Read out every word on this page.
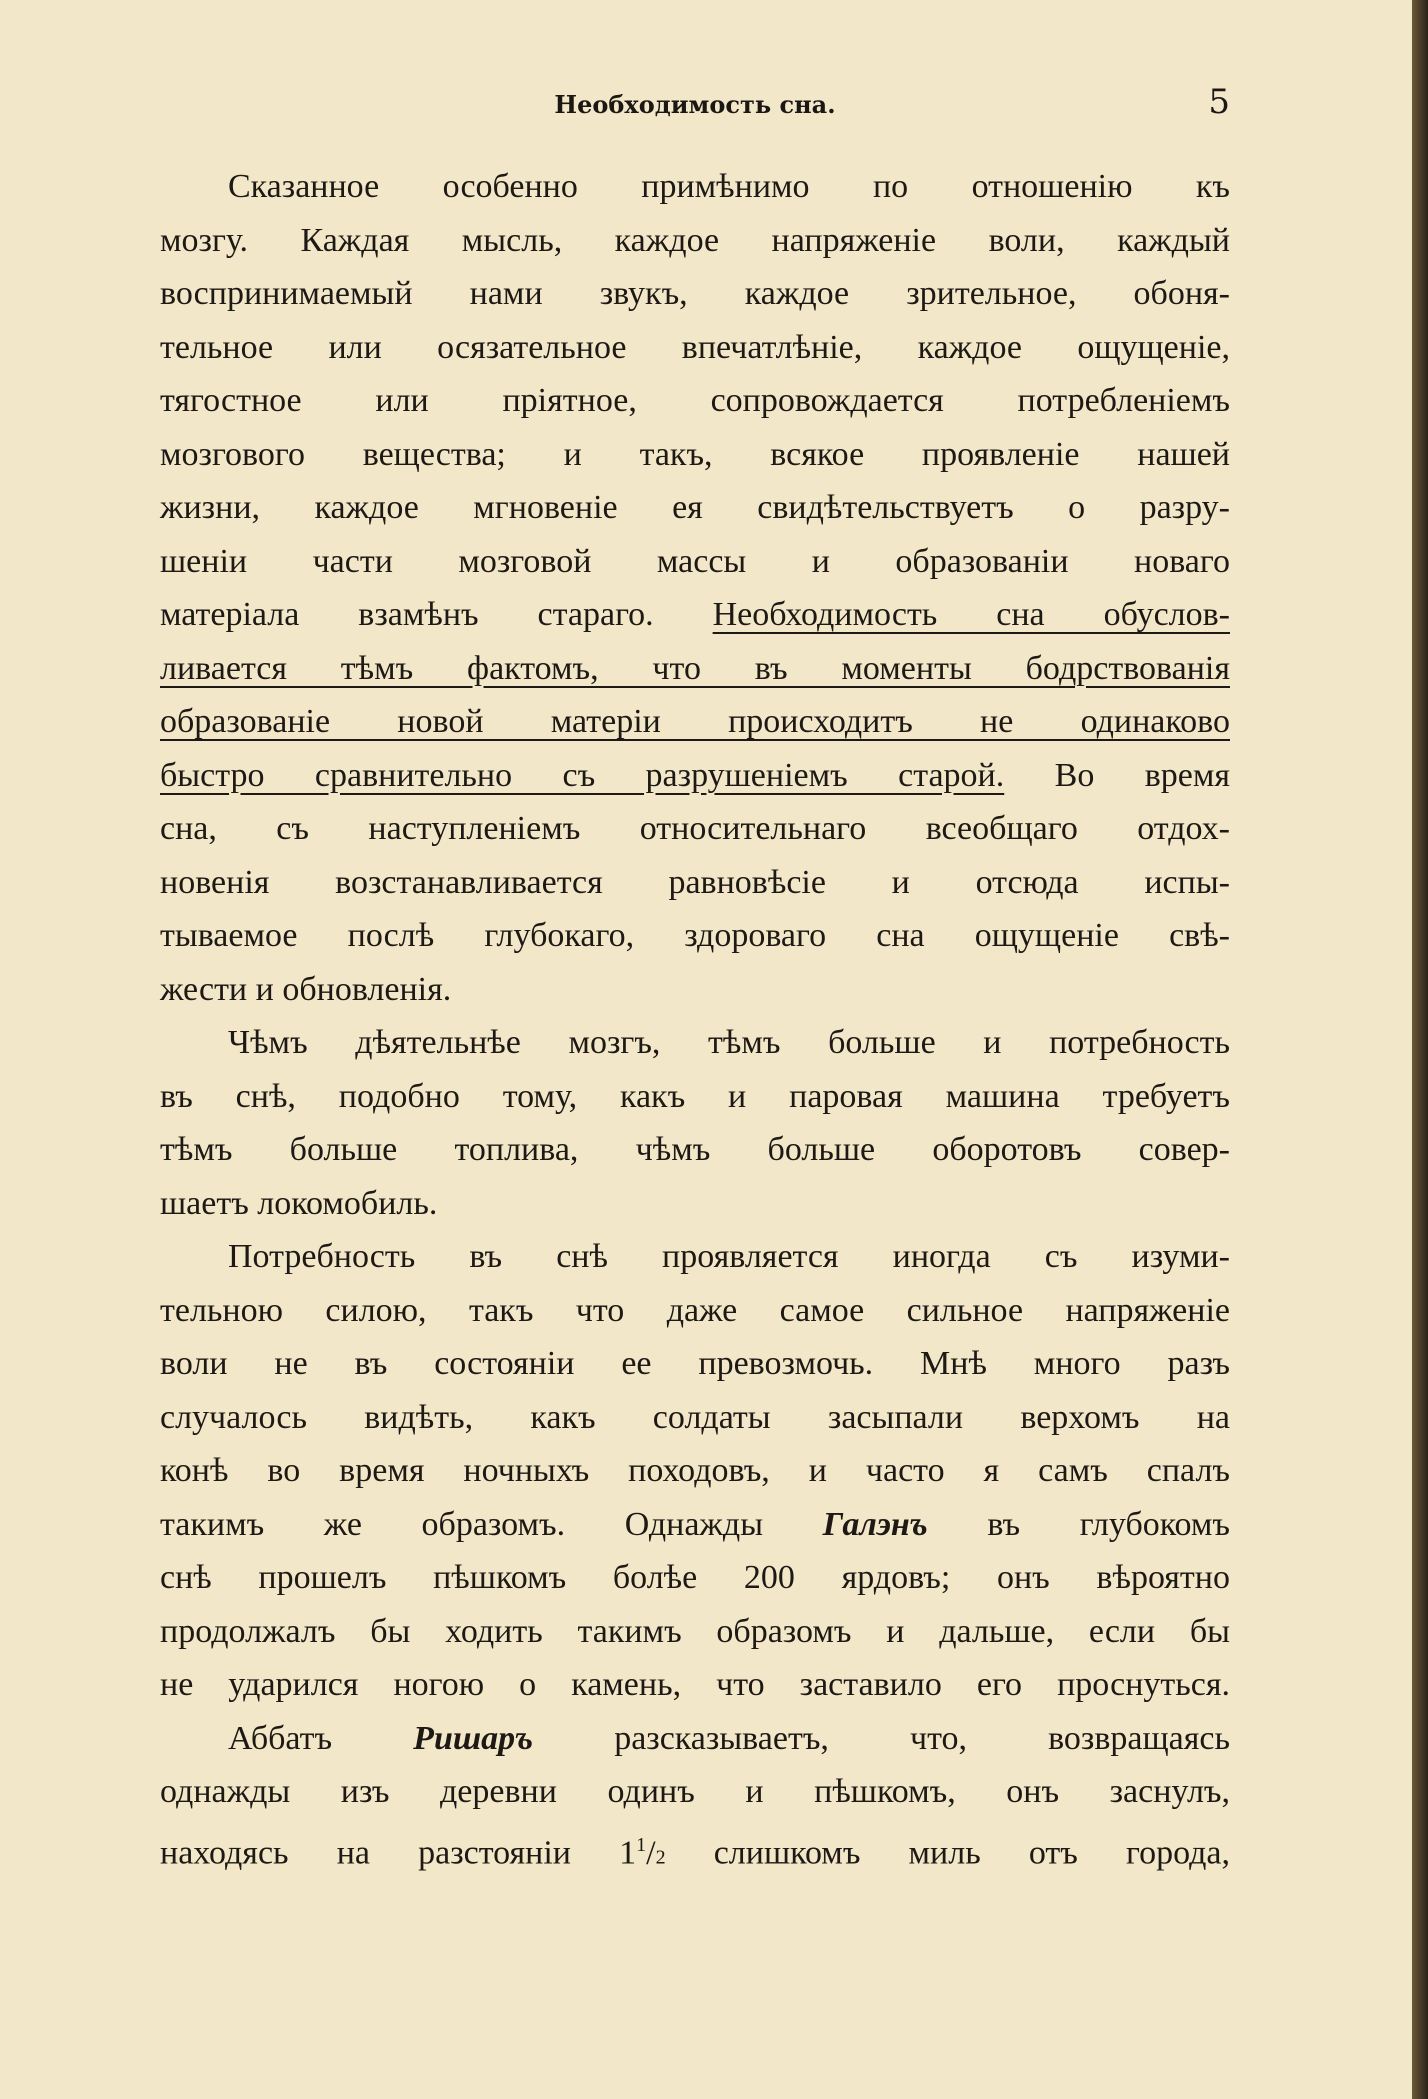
Необходимость сна.	5
Сказанное особенно примѣнимо по отношенію къ
мозгу. Каждая мысль, каждое напряженіе воли, каждый
воспринимаемый нами звукъ, каждое зрительное, обоня-
тельное или осязательное впечатлѣніе, каждое ощущеніе,
тягостное или пріятное, сопровождается потребленіемъ
мозгового вещества; и такъ, всякое проявленіе нашей
жизни, каждое мгновеніе ея свидѣтельствуетъ о разру-
шеніи части мозговой массы и образованіи новаго
матеріала взамѣнъ стараго. Необходимость сна обуслов-
ливается тѣмъ фактомъ, что въ моменты бодрствованія
образованіе новой матеріи происходитъ не одинаково
быстро сравнительно съ разрушеніемъ старой. Во время
сна, съ наступленіемъ относительнаго всеобщаго отдох-
новенія возстанавливается равновѣсіе и отсюда испы-
тываемое послѣ глубокаго, здороваго сна ощущеніе свѣ-
жести и обновленія.
Чѣмъ дѣятельнѣе мозгъ, тѣмъ больше и потребность
въ снѣ, подобно тому, какъ и паровая машина требуетъ
тѣмъ больше топлива, чѣмъ больше оборотовъ совер-
шаетъ локомобиль.
Потребность въ снѣ проявляется иногда съ изуми-
тельною силою, такъ что даже самое сильное напряженіе
воли не въ состояніи ее превозмочь. Мнѣ много разъ
случалось видѣть, какъ солдаты засыпали верхомъ на
конѣ во время ночныхъ походовъ, и часто я самъ спалъ
такимъ же образомъ. Однажды Галэнъ въ глубокомъ
снѣ прошелъ пѣшкомъ болѣе 200 ярдовъ; онъ вѣроятно
продолжалъ бы ходить такимъ образомъ и дальше, если бы
не ударился ногою о камень, что заставило его проснуться.
Аббатъ Ришаръ разсказываетъ, что, возвращаясь
однажды изъ деревни одинъ и пѣшкомъ, онъ заснулъ,
находясь на разстояніи $1^1/2$ слишкомъ миль отъ города,
